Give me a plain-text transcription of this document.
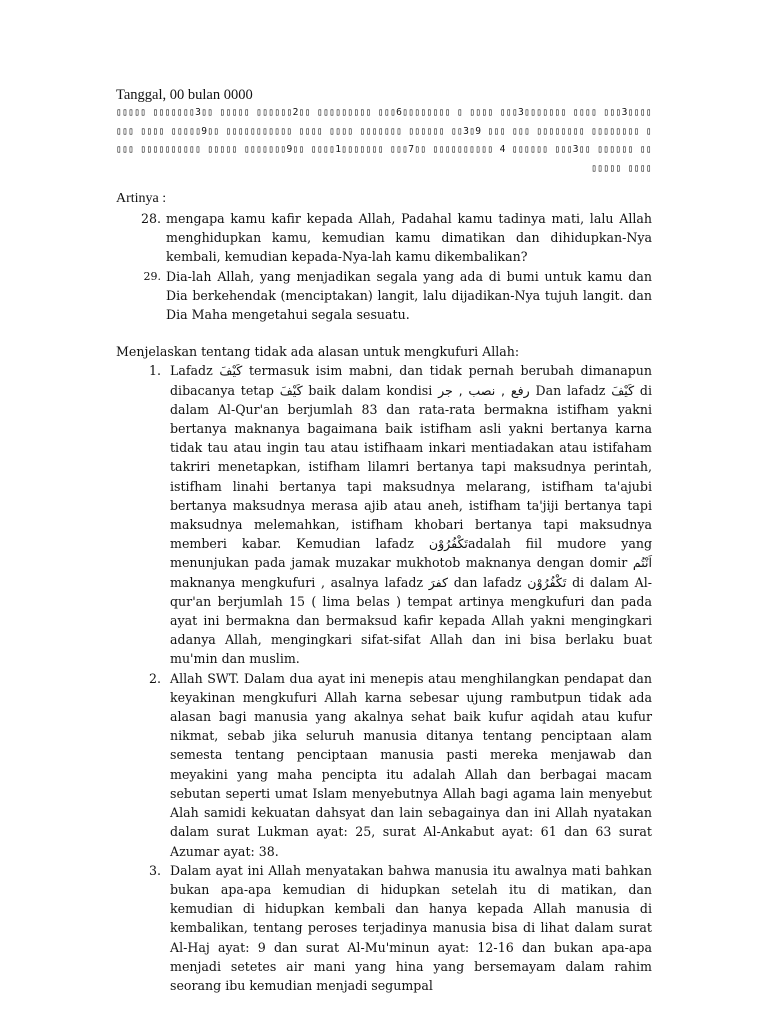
Tanggal, 00 bulan 0000
▯▯▯▯▯ ▯▯▯▯▯▯▯3▯▯ ▯▯▯▯▯ ▯▯▯▯▯▯2▯▯ ▯▯▯▯▯▯▯▯▯ ▯▯▯6▯▯▯▯▯▯▯▯ ▯ ▯▯▯▯ ▯▯▯3▯▯▯▯▯▯▯ ▯▯▯▯ ▯▯▯3▯▯▯▯▯▯▯ ▯▯▯▯ ▯▯▯▯▯9▯▯ ▯▯▯▯▯▯▯▯▯▯▯ ▯▯▯▯ ▯▯▯▯ ▯▯▯▯▯▯▯ ▯▯▯▯▯▯ ▯▯3▯9 ▯▯▯ ▯▯▯ ▯▯▯▯▯▯▯▯ ▯▯▯▯▯▯▯▯ ▯▯▯▯ ▯▯▯▯▯▯▯▯▯▯ ▯▯▯▯▯ ▯▯▯▯▯▯▯9▯▯ ▯▯▯▯1▯▯▯▯▯▯▯ ▯▯▯7▯▯ ▯▯▯▯▯▯▯▯▯▯ 4 ▯▯▯▯▯▯ ▯▯▯3▯▯ ▯▯▯▯▯▯ ▯▯▯▯▯▯▯ ▯▯▯▯
Artinya :
28. mengapa kamu kafir kepada Allah, Padahal kamu tadinya mati, lalu Allah menghidupkan kamu, kemudian kamu dimatikan dan dihidupkan-Nya kembali, kemudian kepada-Nya-lah kamu dikembalikan?
29. Dia-lah Allah, yang menjadikan segala yang ada di bumi untuk kamu dan Dia berkehendak (menciptakan) langit, lalu dijadikan-Nya tujuh langit. dan Dia Maha mengetahui segala sesuatu.
Menjelaskan tentang tidak ada alasan untuk mengkufuri Allah:
1. Lafadz كَيْفَ termasuk isim mabni, dan tidak pernah berubah dimanapun dibacanya tetap كَيْفَ baik dalam kondisi رفع , نصب , جر Dan lafadz كَيْفَ di dalam Al-Qur'an berjumlah 83 dan rata-rata bermakna istifham yakni bertanya maknanya bagaimana baik istifham asli yakni bertanya karna tidak tau atau ingin tau atau istifhaam inkari mentiadakan atau istifaham takriri menetapkan, istifham lilamri bertanya tapi maksudnya perintah, istifham linahi bertanya tapi maksudnya melarang, istifham ta'ajubi bertanya maksudnya merasa ajib atau aneh, istifham ta'jiji bertanya tapi maksudnya melemahkan, istifham khobari bertanya tapi maksudnya memberi kabar. Kemudian lafadz تَكْفُرُوْنadalah fiil mudore yang menunjukan pada jamak muzakar mukhotob maknanya dengan domir اَنْتُم maknanya mengkufuri , asalnya lafadz كفرَ dan lafadz تَكْفُرُوْن di dalam Al-qur'an berjumlah 15 ( lima belas ) tempat artinya mengkufuri dan pada ayat ini bermakna dan bermaksud kafir kepada Allah yakni mengingkari adanya Allah, mengingkari sifat-sifat Allah dan ini bisa berlaku buat mu'min dan muslim.
2. Allah SWT. Dalam dua ayat ini menepis atau menghilangkan pendapat dan keyakinan mengkufuri Allah karna sebesar ujung rambutpun tidak ada alasan bagi manusia yang akalnya sehat baik kufur aqidah atau kufur nikmat, sebab jika seluruh manusia ditanya tentang penciptaan alam semesta tentang penciptaan manusia pasti mereka menjawab dan meyakini yang maha pencipta itu adalah Allah dan berbagai macam sebutan seperti umat Islam menyebutnya Allah bagi agama lain menyebut Alah samidi kekuatan dahsyat dan lain sebagainya dan ini Allah nyatakan dalam surat Lukman ayat: 25, surat Al-Ankabut ayat: 61 dan 63 surat Azumar ayat: 38.
3. Dalam ayat ini Allah menyatakan bahwa manusia itu awalnya mati bahkan bukan apa-apa kemudian di hidupkan setelah itu di matikan, dan kemudian di hidupkan kembali dan hanya kepada Allah manusia di kembalikan, tentang peroses terjadinya manusia bisa di lihat dalam surat Al-Haj ayat: 9 dan surat Al-Mu'minun ayat: 12-16 dan bukan apa-apa menjadi setetes air mani yang hina yang bersemayam dalam rahim seorang ibu kemudian menjadi segumpal
